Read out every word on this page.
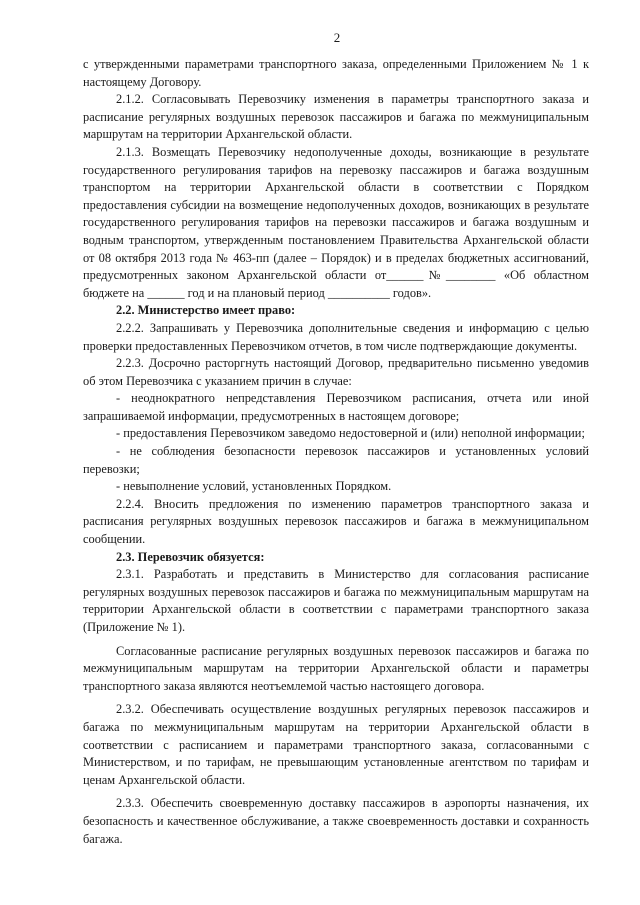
2

с утвержденными параметрами транспортного заказа, определенными Приложением № 1 к настоящему Договору.

2.1.2. Согласовывать Перевозчику изменения в параметры транспортного заказа и расписание регулярных воздушных перевозок пассажиров и багажа по межмуниципальным маршрутам на территории Архангельской области.

2.1.3. Возмещать Перевозчику недополученные доходы, возникающие в результате государственного регулирования тарифов на перевозку пассажиров и багажа воздушным транспортом на территории Архангельской области в соответствии с Порядком предоставления субсидии на возмещение недополученных доходов, возникающих в результате государственного регулирования тарифов на перевозки пассажиров и багажа воздушным и водным транспортом, утвержденным постановлением Правительства Архангельской области от 08 октября 2013 года № 463-пп (далее – Порядок) и в пределах бюджетных ассигнований, предусмотренных законом Архангельской области от______№________ «Об областном бюджете на ______ год и на плановый период __________ годов».

2.2. Министерство имеет право:

2.2.2. Запрашивать у Перевозчика дополнительные сведения и информацию с целью проверки предоставленных Перевозчиком отчетов, в том числе подтверждающие документы.

2.2.3. Досрочно расторгнуть настоящий Договор, предварительно письменно уведомив об этом Перевозчика с указанием причин в случае:

- неоднократного непредставления Перевозчиком расписания, отчета или иной запрашиваемой информации, предусмотренных в настоящем договоре;

- предоставления Перевозчиком заведомо недостоверной и (или) неполной информации;

- не соблюдения безопасности перевозок пассажиров и установленных условий перевозки;

- невыполнение условий, установленных Порядком.

2.2.4. Вносить предложения по изменению параметров транспортного заказа и расписания регулярных воздушных перевозок пассажиров и багажа в межмуниципальном сообщении.

2.3. Перевозчик обязуется:

2.3.1. Разработать и представить в Министерство для согласования расписание регулярных воздушных перевозок пассажиров и багажа по межмуниципальным маршрутам на территории Архангельской области в соответствии с параметрами транспортного заказа (Приложение № 1).

Согласованные расписание регулярных воздушных перевозок пассажиров и багажа по межмуниципальным маршрутам на территории Архангельской области и параметры транспортного заказа являются неотъемлемой частью настоящего договора.

2.3.2. Обеспечивать осуществление воздушных регулярных перевозок пассажиров и багажа по межмуниципальным маршрутам на территории Архангельской области в соответствии с расписанием и параметрами транспортного заказа, согласованными с Министерством, и по тарифам, не превышающим установленные агентством по тарифам и ценам Архангельской области.

2.3.3. Обеспечить своевременную доставку пассажиров в аэропорты назначения, их безопасность и качественное обслуживание, а также своевременность доставки и сохранность багажа.
